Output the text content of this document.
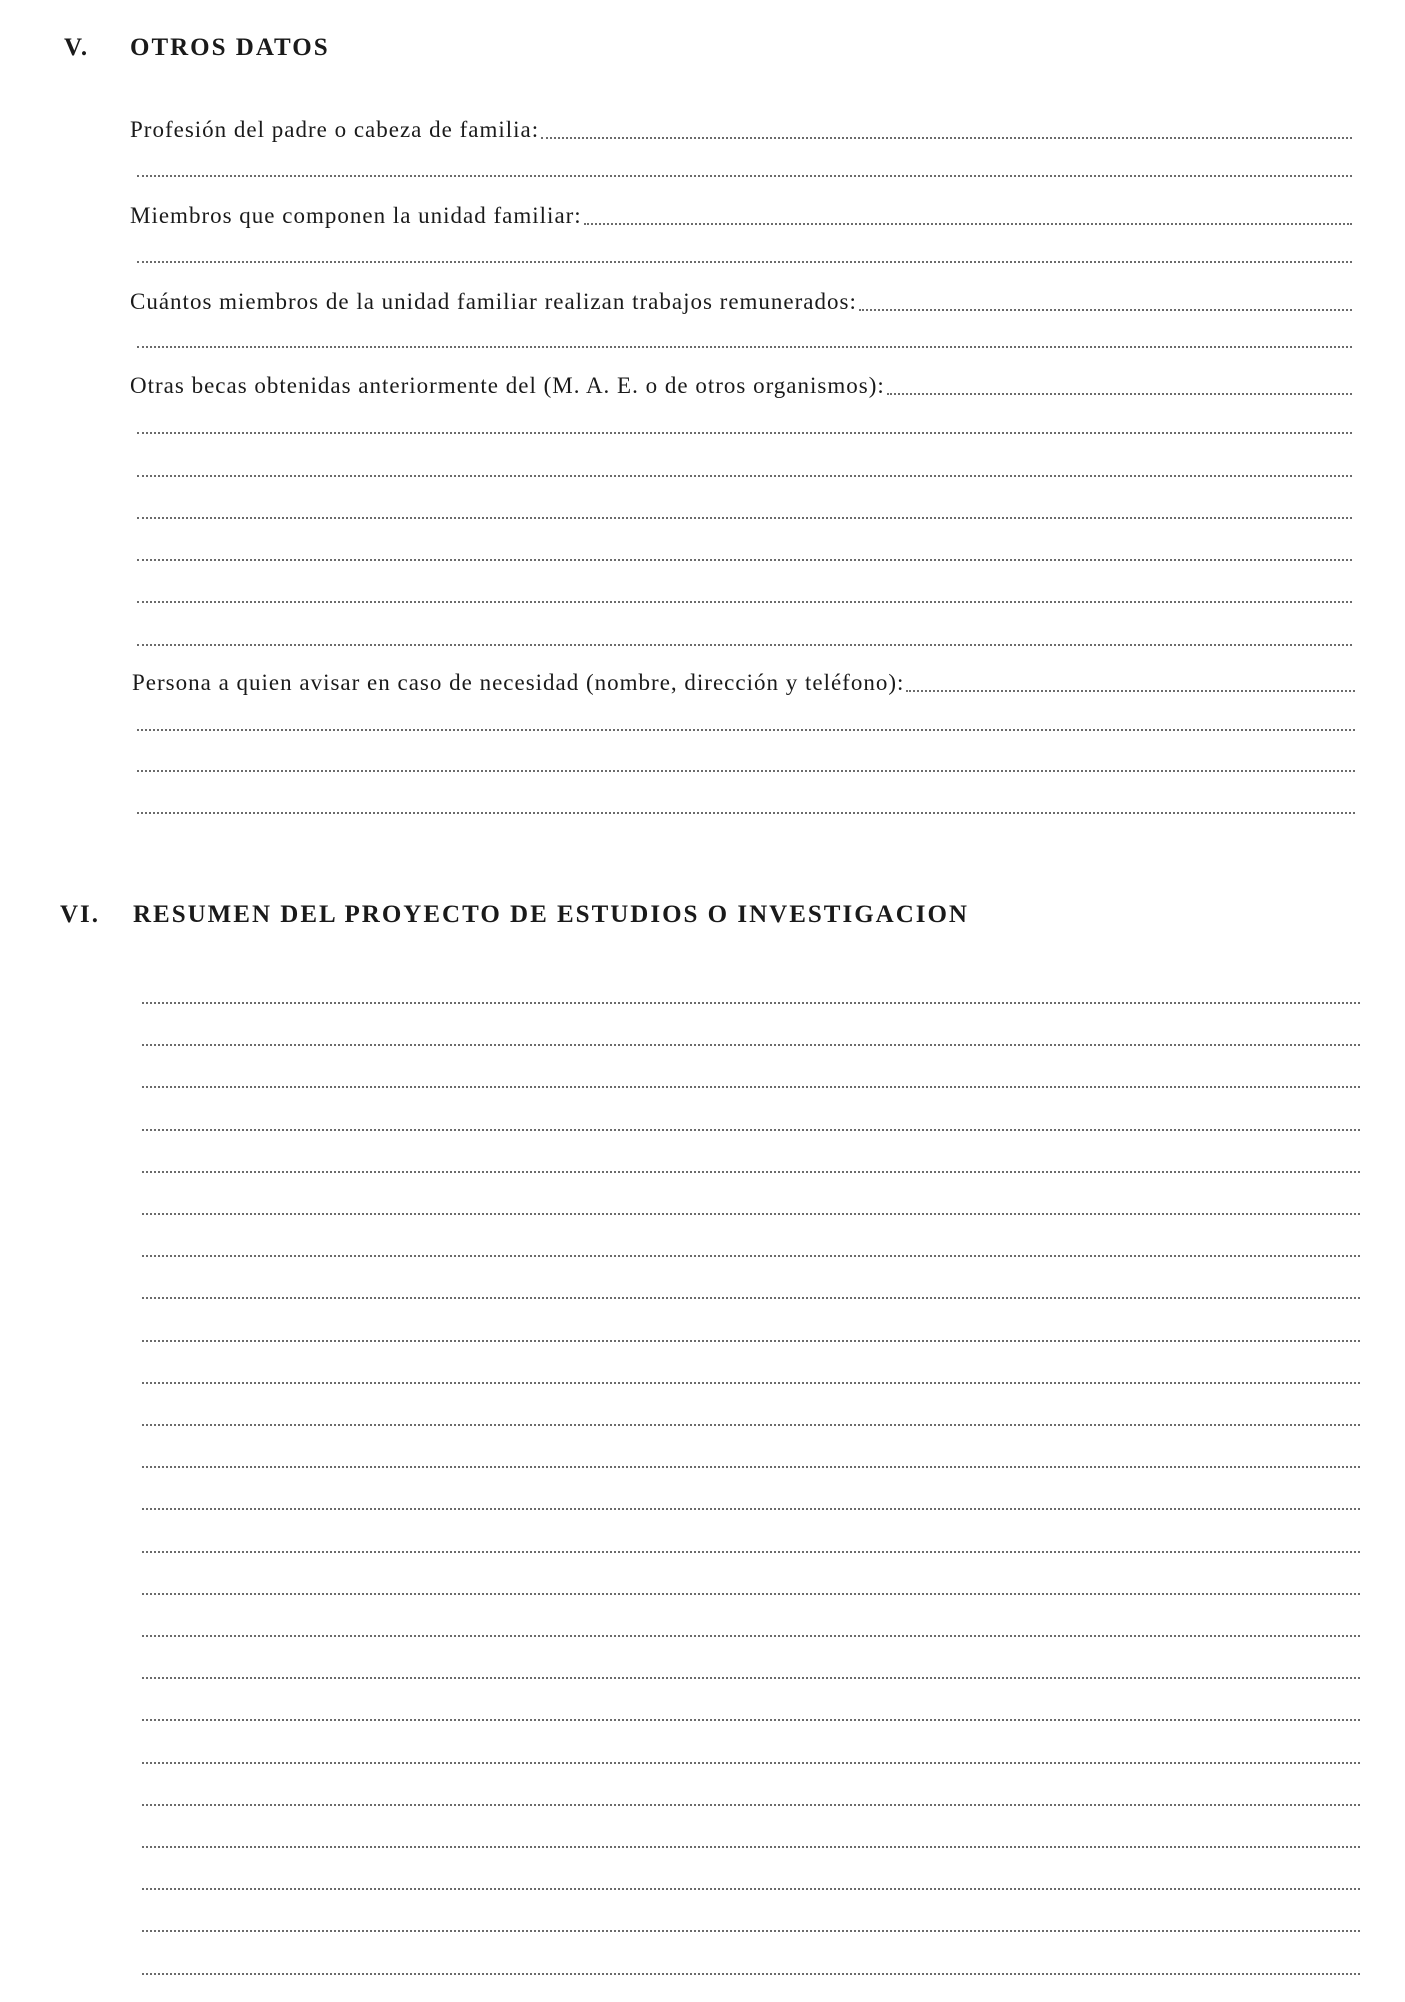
V. OTROS DATOS
Profesión del padre o cabeza de familia:
Miembros que componen la unidad familiar:
Cuántos miembros de la unidad familiar realizan trabajos remunerados:
Otras becas obtenidas anteriormente del (M. A. E. o de otros organismos):
Persona a quien avisar en caso de necesidad (nombre, dirección y teléfono):
VI. RESUMEN DEL PROYECTO DE ESTUDIOS O INVESTIGACION
